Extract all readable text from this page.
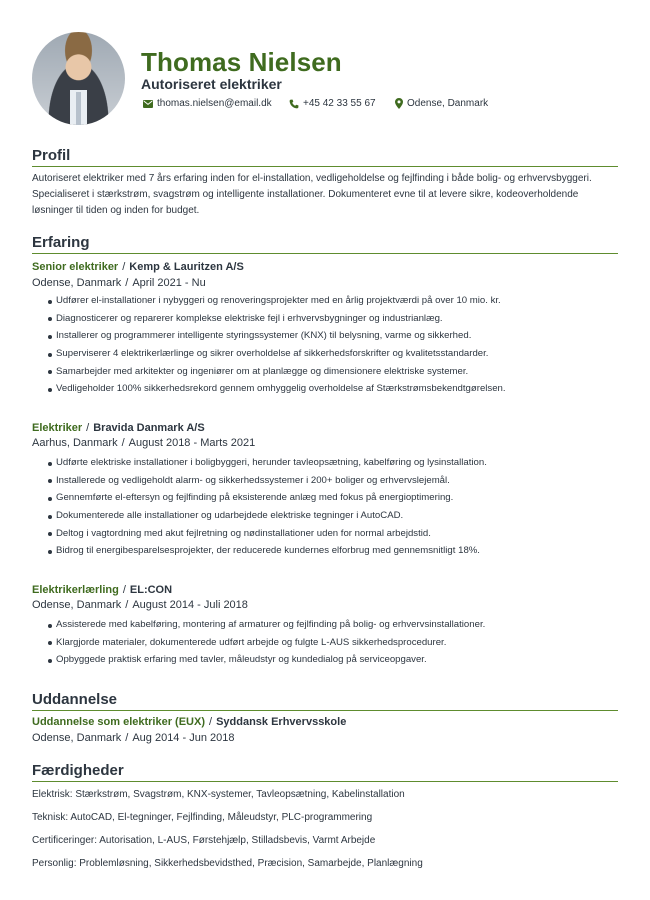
Thomas Nielsen
Autoriseret elektriker
thomas.nielsen@email.dk	+45 42 33 55 67	Odense, Danmark
Profil
Autoriseret elektriker med 7 års erfaring inden for el-installation, vedligeholdelse og fejlfinding i både bolig- og erhvervsbyggeri.
Specialiseret i stærkstrøm, svagstrøm og intelligente installationer. Dokumenteret evne til at levere sikre, kodeoverholdende
løsninger til tiden og inden for budget.
Erfaring
Senior elektriker / Kemp & Lauritzen A/S
Odense, Danmark / April 2021 - Nu
Udfører el-installationer i nybyggeri og renoveringsprojekter med en årlig projektværdi på over 10 mio. kr.
Diagnosticerer og reparerer komplekse elektriske fejl i erhvervsbygninger og industrianlæg.
Installerer og programmerer intelligente styringssystemer (KNX) til belysning, varme og sikkerhed.
Superviserer 4 elektrikerlærlinge og sikrer overholdelse af sikkerhedsforskrifter og kvalitetsstandarder.
Samarbejder med arkitekter og ingeniører om at planlægge og dimensionere elektriske systemer.
Vedligeholder 100% sikkerhedsrekord gennem omhyggelig overholdelse af Stærkstrømsbekendtgørelsen.
Elektriker / Bravida Danmark A/S
Aarhus, Danmark / August 2018 - Marts 2021
Udførte elektriske installationer i boligbyggeri, herunder tavleopsætning, kabelføring og lysinstallation.
Installerede og vedligeholdt alarm- og sikkerhedssystemer i 200+ boliger og erhvervslejemål.
Gennemførte el-eftersyn og fejlfinding på eksisterende anlæg med fokus på energioptimering.
Dokumenterede alle installationer og udarbejdede elektriske tegninger i AutoCAD.
Deltog i vagtordning med akut fejlretning og nødinstallationer uden for normal arbejdstid.
Bidrog til energibesparelsesprojekter, der reducerede kundernes elforbrug med gennemsnitligt 18%.
Elektrikerlærling / EL:CON
Odense, Danmark / August 2014 - Juli 2018
Assisterede med kabelføring, montering af armaturer og fejlfinding på bolig- og erhvervsinstallationer.
Klargjorde materialer, dokumenterede udført arbejde og fulgte L-AUS sikkerhedsprocedurer.
Opbyggede praktisk erfaring med tavler, måleudstyr og kundedialog på serviceopgaver.
Uddannelse
Uddannelse som elektriker (EUX) / Syddansk Erhvervsskole
Odense, Danmark / Aug 2014 - Jun 2018
Færdigheder
Elektrisk: Stærkstrøm, Svagstrøm, KNX-systemer, Tavleopsætning, Kabelinstallation
Teknisk: AutoCAD, El-tegninger, Fejlfinding, Måleudstyr, PLC-programmering
Certificeringer: Autorisation, L-AUS, Førstehjælp, Stilladsbevis, Varmt Arbejde
Personlig: Problemløsning, Sikkerhedsbevidsthed, Præcision, Samarbejde, Planlægning
